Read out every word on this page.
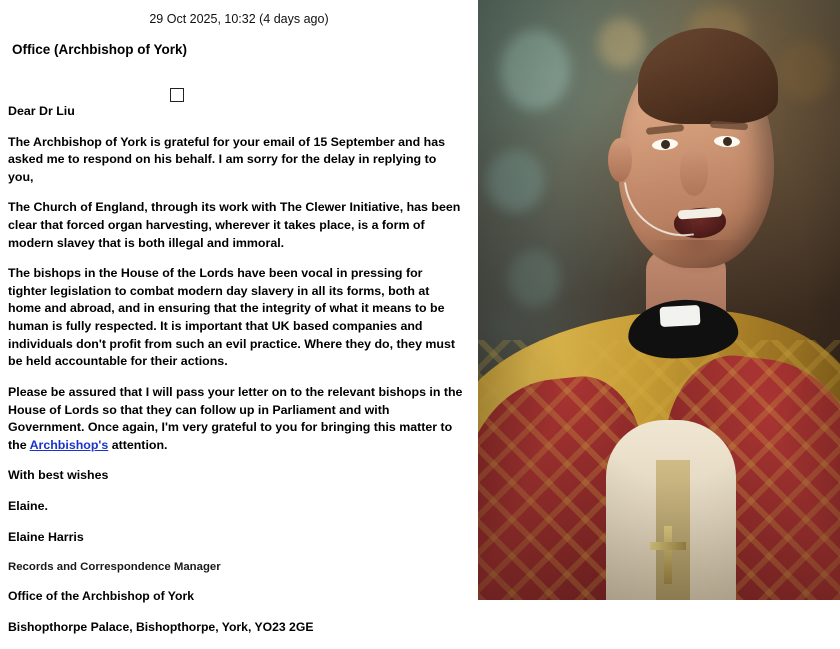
29 Oct 2025, 10:32 (4 days ago)
Office (Archbishop of York)

Dear Dr Liu

The Archbishop of York is grateful for your email of 15 September and has asked me to respond on his behalf. I am sorry for the delay in replying to you,

The Church of England, through its work with The Clewer Initiative, has been clear that forced organ harvesting, wherever it takes place, is a form of modern slavey that is both illegal and immoral.

The bishops in the House of the Lords have been vocal in pressing for tighter legislation to combat modern day slavery in all its forms, both at home and abroad, and in ensuring that the integrity of what it means to be human is fully respected. It is important that UK based companies and individuals don't profit from such an evil practice. Where they do, they must be held accountable for their actions.

Please be assured that I will pass your letter on to the relevant bishops in the House of Lords so that they can follow up in Parliament and with Government. Once again, I'm very grateful to you for bringing this matter to the Archbishop's attention.

With best wishes

Elaine.

Elaine Harris

Records and Correspondence Manager

Office of the Archbishop of York

Bishopthorpe Palace, Bishopthorpe, York, YO23 2GE
